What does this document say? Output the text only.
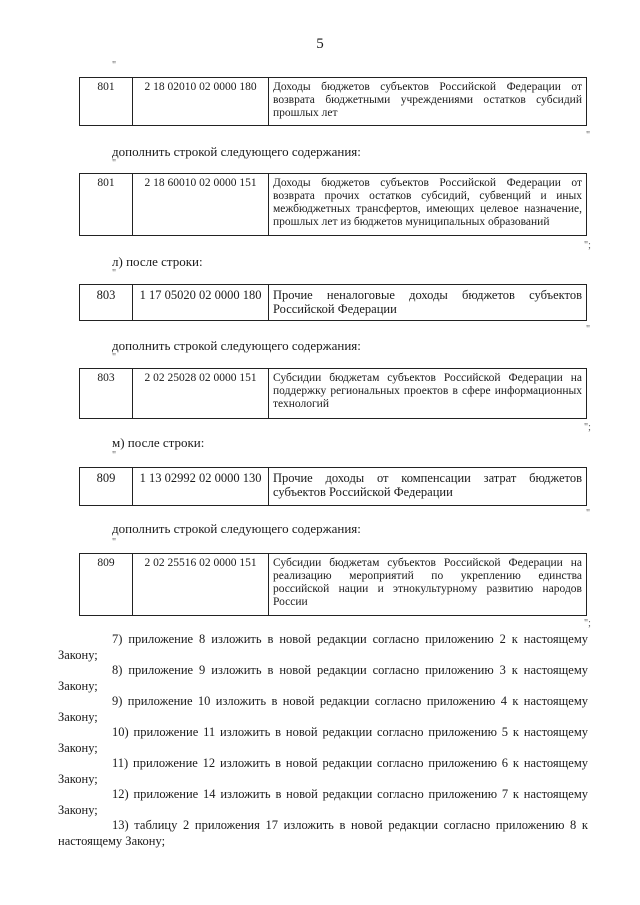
5
"
801	2 18 02010 02 0000 180	Доходы бюджетов субъектов Российской Федерации от возврата бюджетными учреждениями остатков субсидий прошлых лет
"
дополнить строкой следующего содержания:
"
801	2 18 60010 02 0000 151	Доходы бюджетов субъектов Российской Федерации от возврата прочих остатков субсидий, субвенций и иных межбюджетных трансфертов, имеющих целевое назначение, прошлых лет из бюджетов муниципальных образований
";
л) после строки:
"
803	1 17 05020 02 0000 180	Прочие неналоговые доходы бюджетов субъектов Российской Федерации
"
дополнить строкой следующего содержания:
"
803	2 02 25028 02 0000 151	Субсидии бюджетам субъектов Российской Федерации на поддержку региональных проектов в сфере информационных технологий
";
м) после строки:
"
809	1 13 02992 02 0000 130	Прочие доходы от компенсации затрат бюджетов субъектов Российской Федерации
"
дополнить строкой следующего содержания:
"
809	2 02 25516 02 0000 151	Субсидии бюджетам субъектов Российской Федерации на реализацию мероприятий по укреплению единства российской нации и этнокультурному развитию народов России
";

7) приложение 8 изложить в новой редакции согласно приложению 2 к настоящему Закону;

8) приложение 9 изложить в новой редакции согласно приложению 3 к настоящему Закону;

9) приложение 10 изложить в новой редакции согласно приложению 4 к настоящему Закону;

10) приложение 11 изложить в новой редакции согласно приложению 5 к настоящему Закону;

11) приложение 12 изложить в новой редакции согласно приложению 6 к настоящему Закону;

12) приложение 14 изложить в новой редакции согласно приложению 7 к настоящему Закону;

13) таблицу 2 приложения 17 изложить в новой редакции согласно приложению 8 к настоящему Закону;
